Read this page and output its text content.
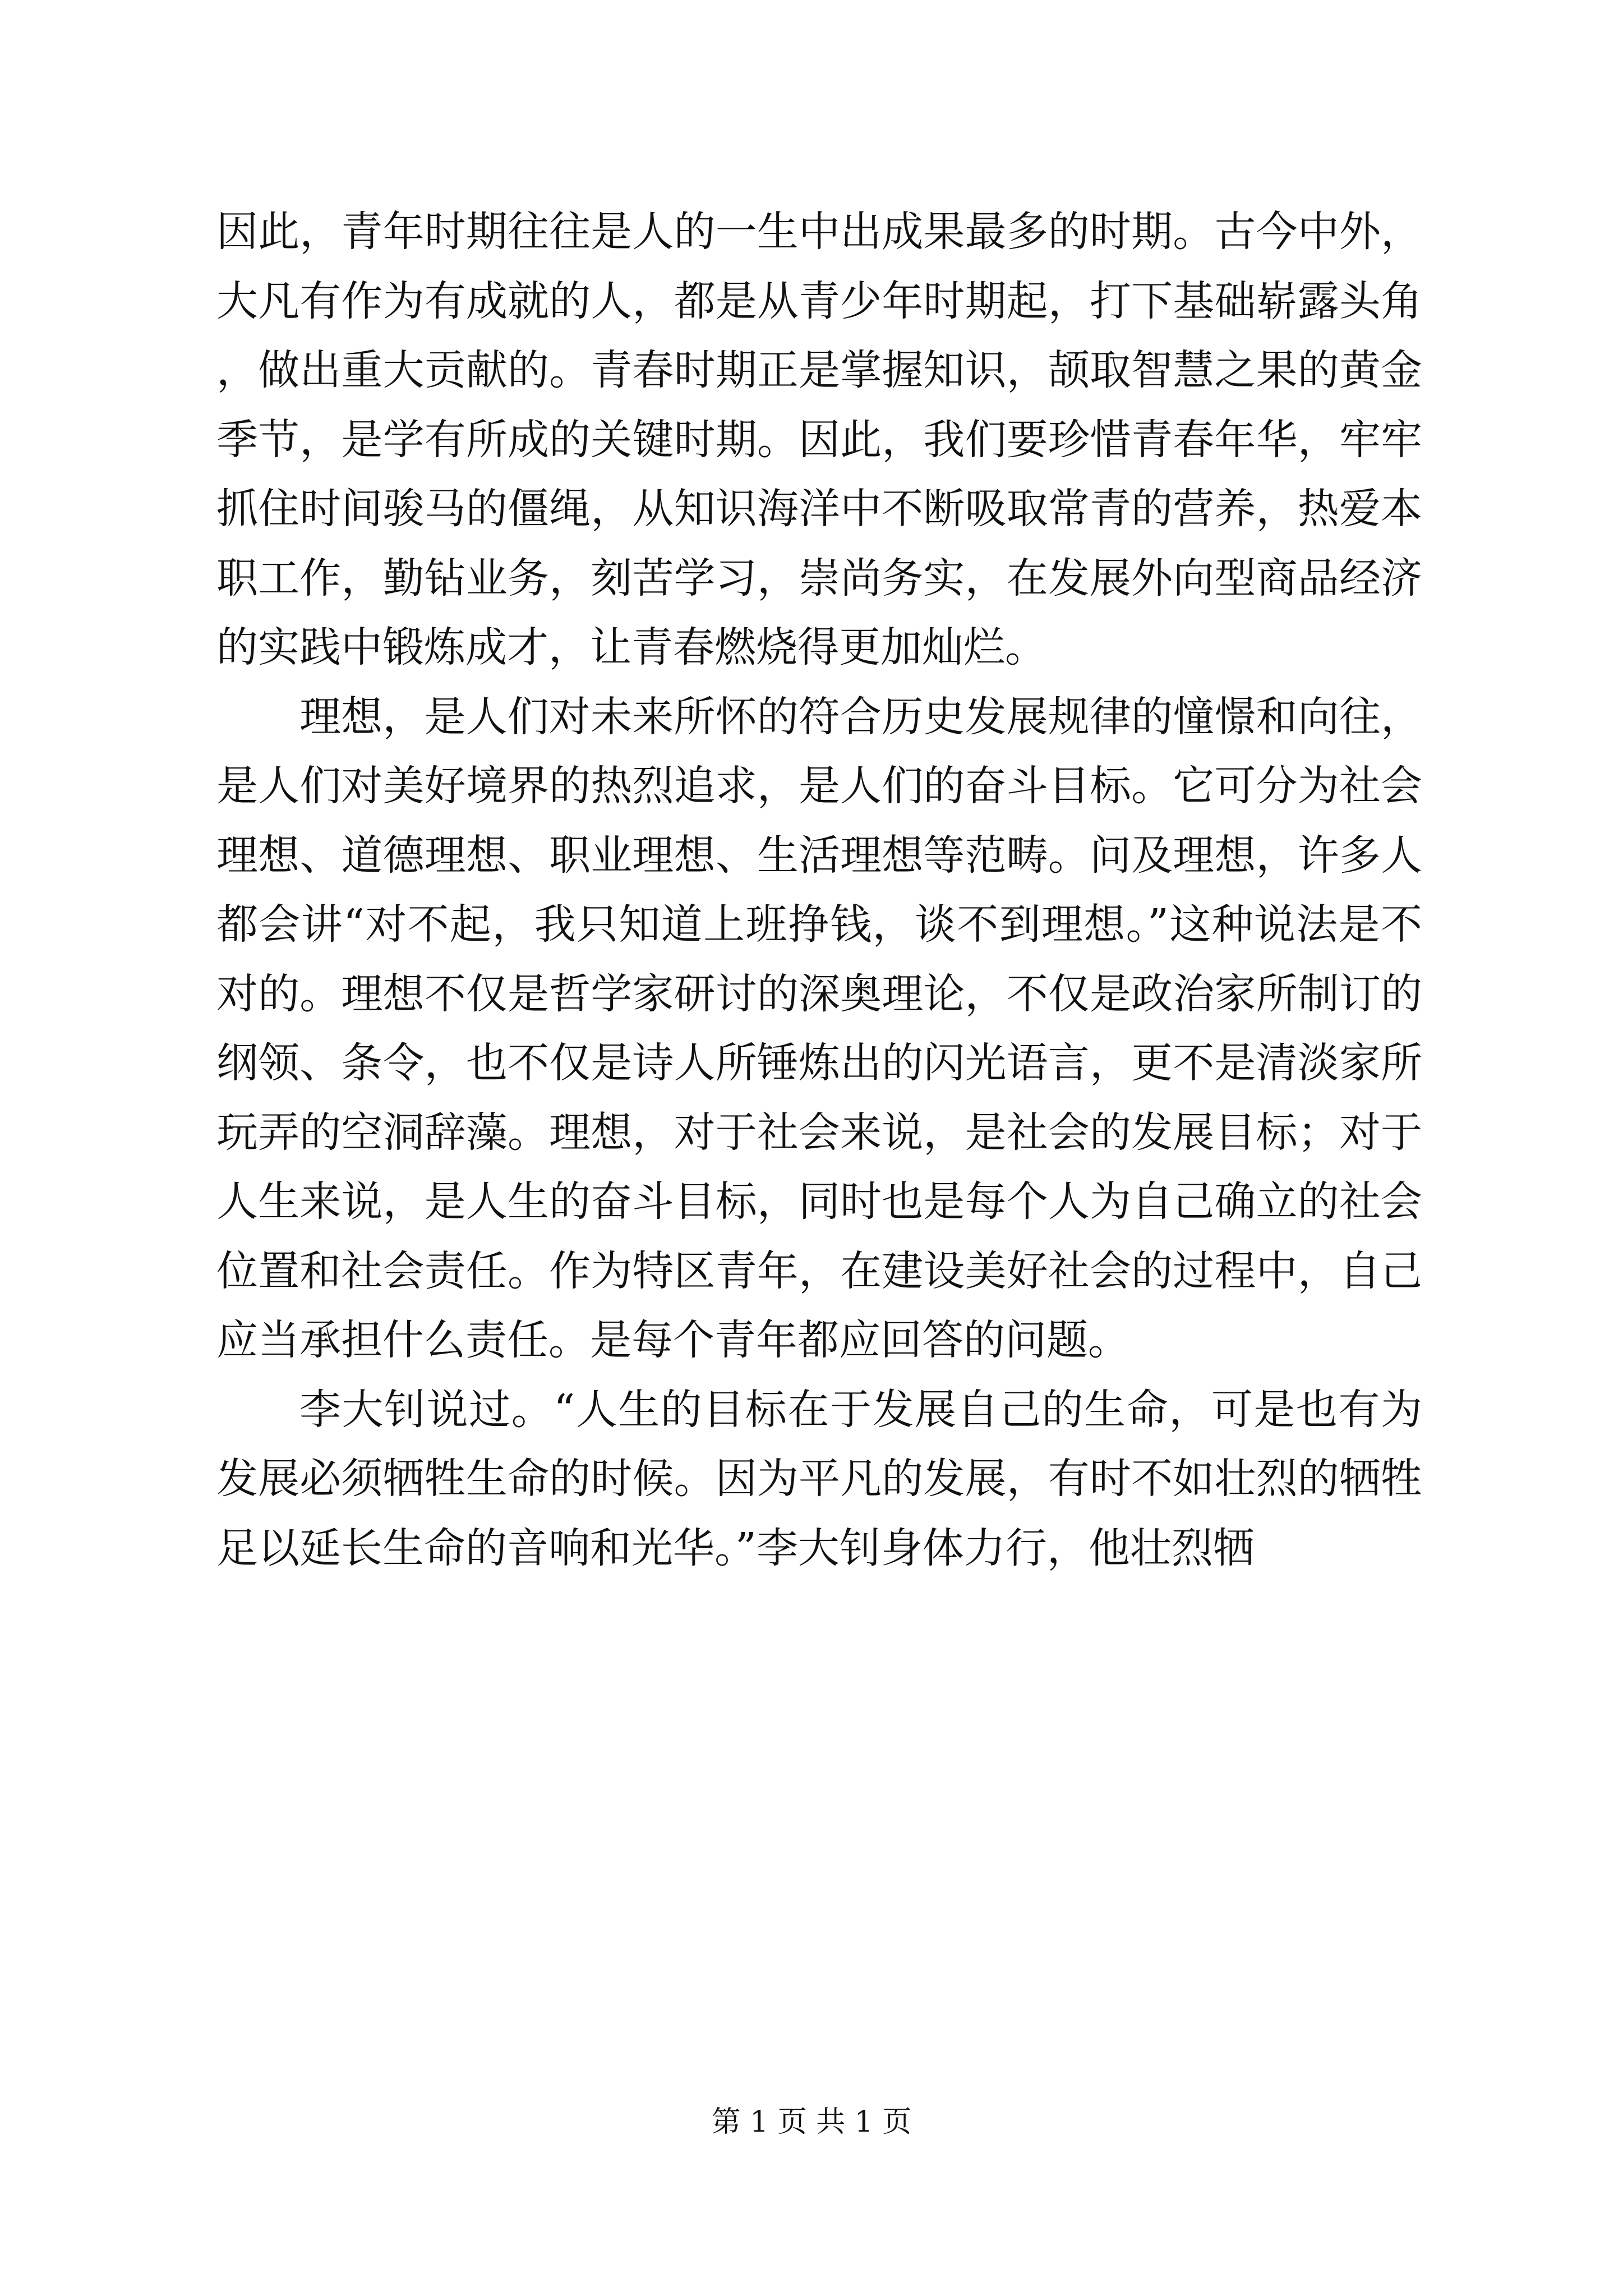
因此，青年时期往往是人的一生中出成果最多的时期。古今中外，大凡有作为有成就的人，都是从青少年时期起，打下基础崭露头角，做出重大贡献的。青春时期正是掌握知识，颉取智慧之果的黄金季节，是学有所成的关键时期。因此，我们要珍惜青春年华，牢牢抓住时间骏马的僵绳，从知识海洋中不断吸取常青的营养，热爱本职工作，勤钻业务，刻苦学习，崇尚务实，在发展外向型商品经济的实践中锻炼成才，让青春燃烧得更加灿烂。

理想，是人们对未来所怀的符合历史发展规律的憧憬和向往，是人们对美好境界的热烈追求，是人们的奋斗目标。它可分为社会理想、道德理想、职业理想、生活理想等范畴。问及理想，许多人都会讲“对不起，我只知道上班挣钱，谈不到理想。”这种说法是不对的。理想不仅是哲学家研讨的深奥理论，不仅是政治家所制订的纲领、条令，也不仅是诗人所锤炼出的闪光语言，更不是清淡家所玩弄的空洞辞藻。理想，对于社会来说，是社会的发展目标；对于人生来说，是人生的奋斗目标，同时也是每个人为自己确立的社会位置和社会责任。作为特区青年，在建设美好社会的过程中，自己应当承担什么责任。是每个青年都应回答的问题。

李大钊说过。“人生的目标在于发展自己的生命，可是也有为发展必须牺牲生命的时候。因为平凡的发展，有时不如壮烈的牺牲足以延长生命的音响和光华。”李大钊身体力行，他壮烈牺

第 1 页 共 1 页
